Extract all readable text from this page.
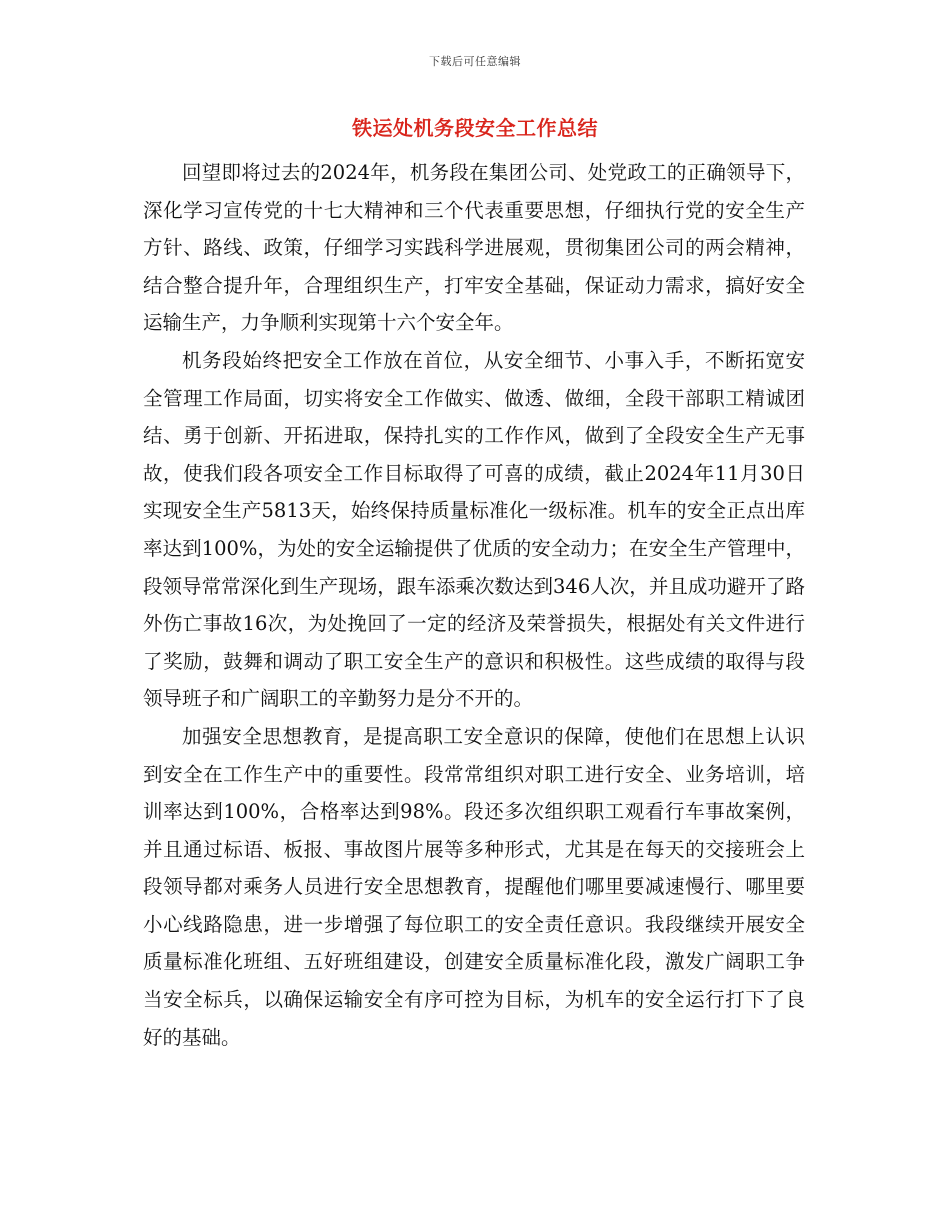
下载后可任意编辑
铁运处机务段安全工作总结

回望即将过去的2024年，机务段在集团公司、处党政工的正确领导下，深化学习宣传党的十七大精神和三个代表重要思想，仔细执行党的安全生产方针、路线、政策，仔细学习实践科学进展观，贯彻集团公司的两会精神，结合整合提升年，合理组织生产，打牢安全基础，保证动力需求，搞好安全运输生产，力争顺利实现第十六个安全年。

机务段始终把安全工作放在首位，从安全细节、小事入手，不断拓宽安全管理工作局面，切实将安全工作做实、做透、做细，全段干部职工精诚团结、勇于创新、开拓进取，保持扎实的工作作风，做到了全段安全生产无事故，使我们段各项安全工作目标取得了可喜的成绩，截止2024年11月30日实现安全生产5813天，始终保持质量标准化一级标准。机车的安全正点出库率达到100%，为处的安全运输提供了优质的安全动力；在安全生产管理中，段领导常常深化到生产现场，跟车添乘次数达到346人次，并且成功避开了路外伤亡事故16次，为处挽回了一定的经济及荣誉损失，根据处有关文件进行了奖励，鼓舞和调动了职工安全生产的意识和积极性。这些成绩的取得与段领导班子和广阔职工的辛勤努力是分不开的。

加强安全思想教育，是提高职工安全意识的保障，使他们在思想上认识到安全在工作生产中的重要性。段常常组织对职工进行安全、业务培训，培训率达到100%，合格率达到98%。段还多次组织职工观看行车事故案例，并且通过标语、板报、事故图片展等多种形式，尤其是在每天的交接班会上段领导都对乘务人员进行安全思想教育，提醒他们哪里要减速慢行、哪里要小心线路隐患，进一步增强了每位职工的安全责任意识。我段继续开展安全质量标准化班组、五好班组建设，创建安全质量标准化段，激发广阔职工争当安全标兵，以确保运输安全有序可控为目标，为机车的安全运行打下了良好的基础。
